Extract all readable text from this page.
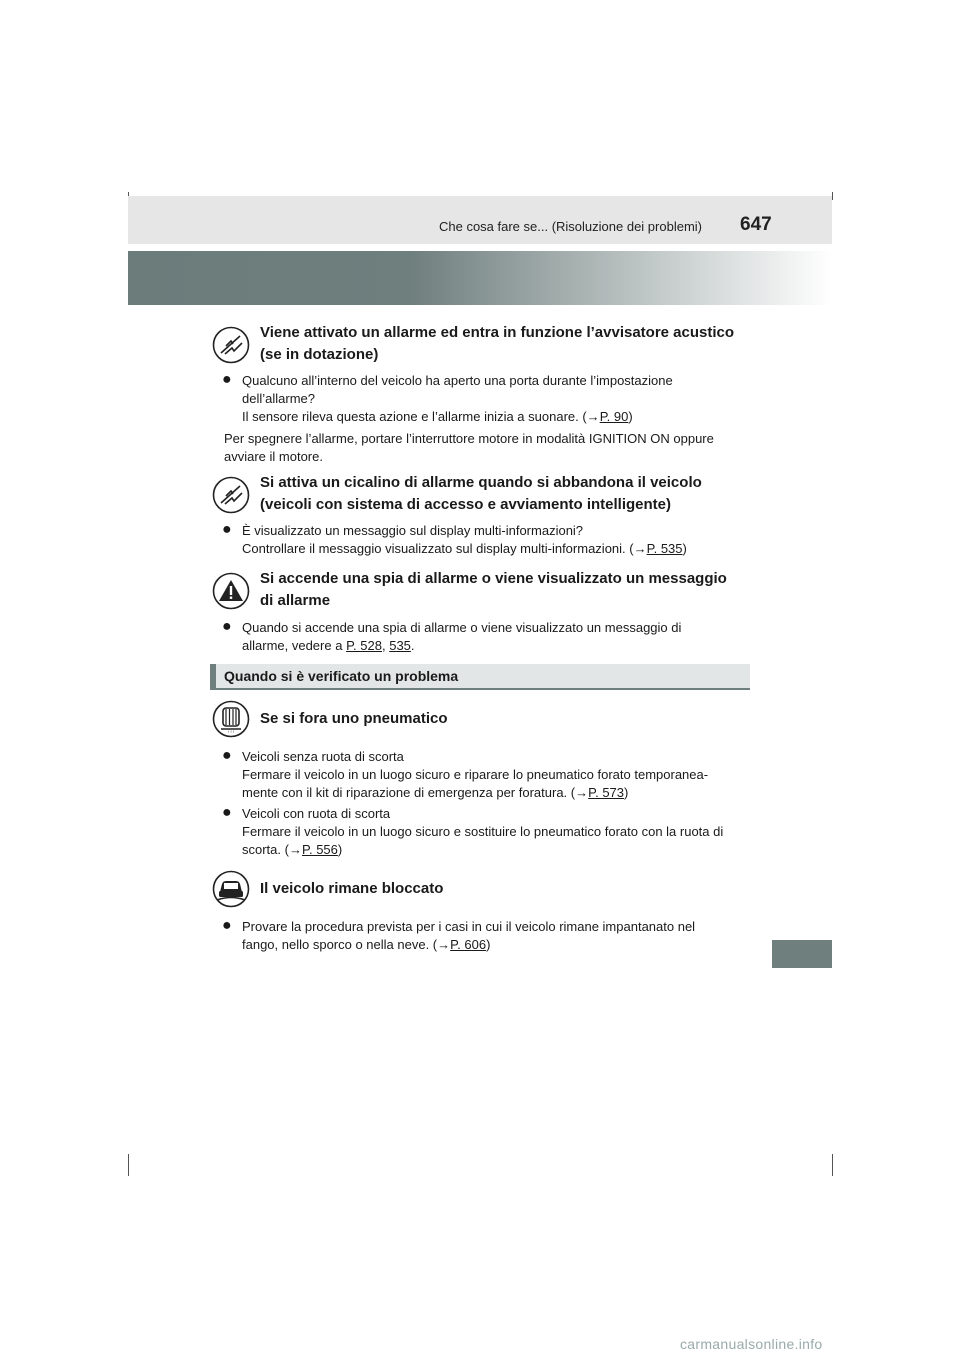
Che cosa fare se... (Risoluzione dei problemi) 647
Viene attivato un allarme ed entra in funzione l’avvisatore acustico
(se in dotazione)
● Qualcuno all’interno del veicolo ha aperto una porta durante l’impostazione
dell’allarme?
Il sensore rileva questa azione e l’allarme inizia a suonare. (→P. 90)
Per spegnere l’allarme, portare l’interruttore motore in modalità IGNITION ON oppure
avviare il motore.
Si attiva un cicalino di allarme quando si abbandona il veicolo
(veicoli con sistema di accesso e avviamento intelligente)
● È visualizzato un messaggio sul display multi-informazioni?
Controllare il messaggio visualizzato sul display multi-informazioni. (→P. 535)
Si accende una spia di allarme o viene visualizzato un messaggio
di allarme
● Quando si accende una spia di allarme o viene visualizzato un messaggio di
allarme, vedere a P. 528, 535.
Quando si è verificato un problema
! ! !
Se si fora uno pneumatico
● Veicoli senza ruota di scorta
Fermare il veicolo in un luogo sicuro e riparare lo pneumatico forato temporanea-
mente con il kit di riparazione di emergenza per foratura. (→P. 573)
● Veicoli con ruota di scorta
Fermare il veicolo in un luogo sicuro e sostituire lo pneumatico forato con la ruota di
scorta. (→P. 556)
Il veicolo rimane bloccato
● Provare la procedura prevista per i casi in cui il veicolo rimane impantanato nel
fango, nello sporco o nella neve. (→P. 606)
carmanualsonline.info
